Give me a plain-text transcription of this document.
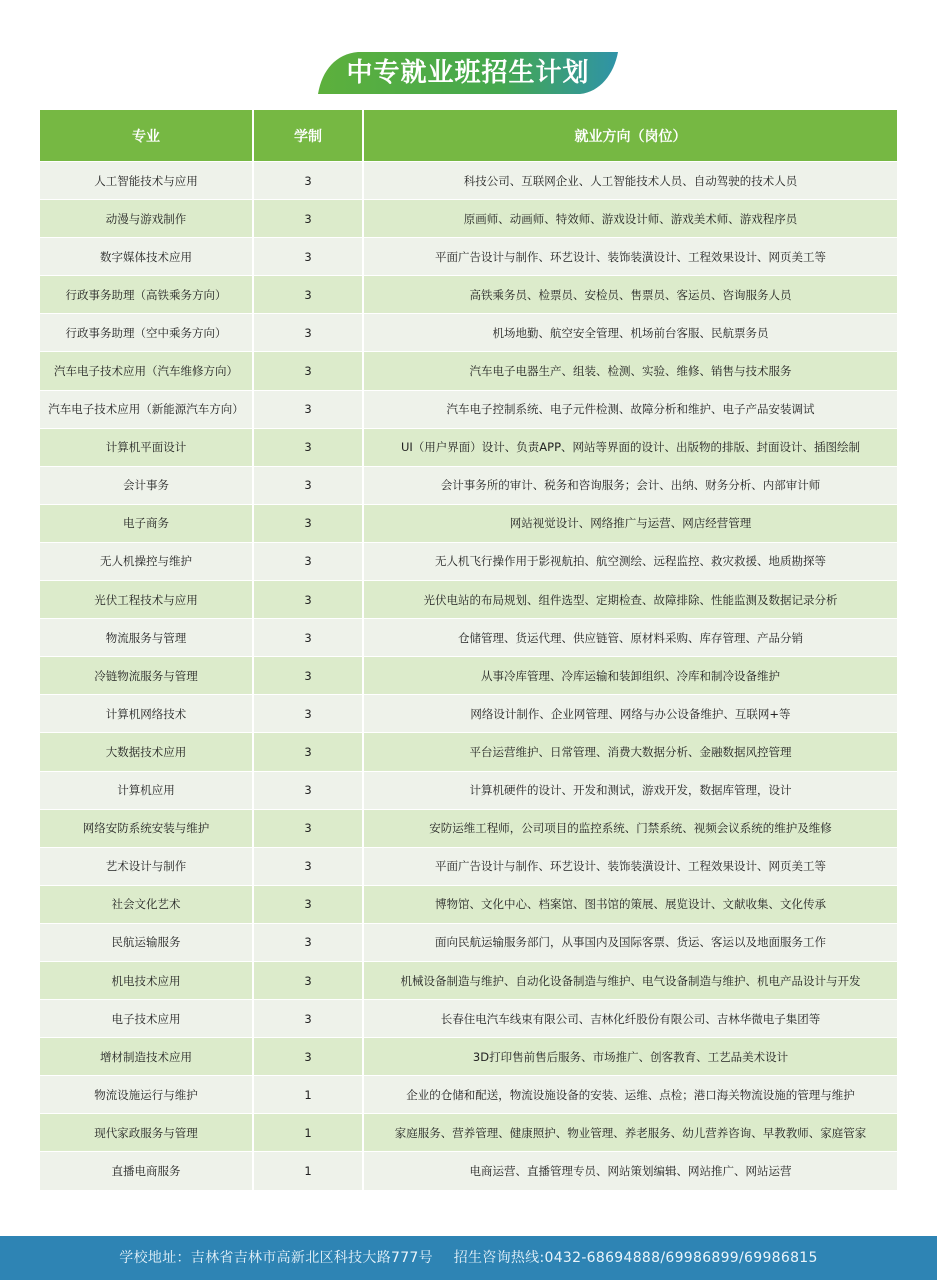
中专就业班招生计划
专业	学制	就业方向（岗位）
人工智能技术与应用	3	科技公司、互联网企业、人工智能技术人员、自动驾驶的技术人员
动漫与游戏制作	3	原画师、动画师、特效师、游戏设计师、游戏美术师、游戏程序员
数字媒体技术应用	3	平面广告设计与制作、环艺设计、装饰装潢设计、工程效果设计、网页美工等
行政事务助理（高铁乘务方向）	3	高铁乘务员、检票员、安检员、售票员、客运员、咨询服务人员
行政事务助理（空中乘务方向）	3	机场地勤、航空安全管理、机场前台客服、民航票务员
汽车电子技术应用（汽车维修方向）	3	汽车电子电器生产、组装、检测、实验、维修、销售与技术服务
汽车电子技术应用（新能源汽车方向）	3	汽车电子控制系统、电子元件检测、故障分析和维护、电子产品安装调试
计算机平面设计	3	UI（用户界面）设计、负责APP、网站等界面的设计、出版物的排版、封面设计、插图绘制
会计事务	3	会计事务所的审计、税务和咨询服务；会计、出纳、财务分析、内部审计师
电子商务	3	网站视觉设计、网络推广与运营、网店经营管理
无人机操控与维护	3	无人机飞行操作用于影视航拍、航空测绘、远程监控、救灾救援、地质勘探等
光伏工程技术与应用	3	光伏电站的布局规划、组件选型、定期检查、故障排除、性能监测及数据记录分析
物流服务与管理	3	仓储管理、货运代理、供应链管、原材料采购、库存管理、产品分销
冷链物流服务与管理	3	从事冷库管理、冷库运输和装卸组织、冷库和制冷设备维护
计算机网络技术	3	网络设计制作、企业网管理、网络与办公设备维护、互联网+等
大数据技术应用	3	平台运营维护、日常管理、消费大数据分析、金融数据风控管理
计算机应用	3	计算机硬件的设计、开发和测试，游戏开发，数据库管理，设计
网络安防系统安装与维护	3	安防运维工程师，公司项目的监控系统、门禁系统、视频会议系统的维护及维修
艺术设计与制作	3	平面广告设计与制作、环艺设计、装饰装潢设计、工程效果设计、网页美工等
社会文化艺术	3	博物馆、文化中心、档案馆、图书馆的策展、展览设计、文献收集、文化传承
民航运输服务	3	面向民航运输服务部门，从事国内及国际客票、货运、客运以及地面服务工作
机电技术应用	3	机械设备制造与维护、自动化设备制造与维护、电气设备制造与维护、机电产品设计与开发
电子技术应用	3	长春住电汽车线束有限公司、吉林化纤股份有限公司、吉林华微电子集团等
增材制造技术应用	3	3D打印售前售后服务、市场推广、创客教育、工艺品美术设计
物流设施运行与维护	1	企业的仓储和配送，物流设施设备的安装、运维、点检；港口海关物流设施的管理与维护
现代家政服务与管理	1	家庭服务、营养管理、健康照护、物业管理、养老服务、幼儿营养咨询、早教教师、家庭管家
直播电商服务	1	电商运营、直播管理专员、网站策划编辑、网站推广、网站运营
学校地址：吉林省吉林市高新北区科技大路777号 招生咨询热线:0432-68694888/69986899/69986815
